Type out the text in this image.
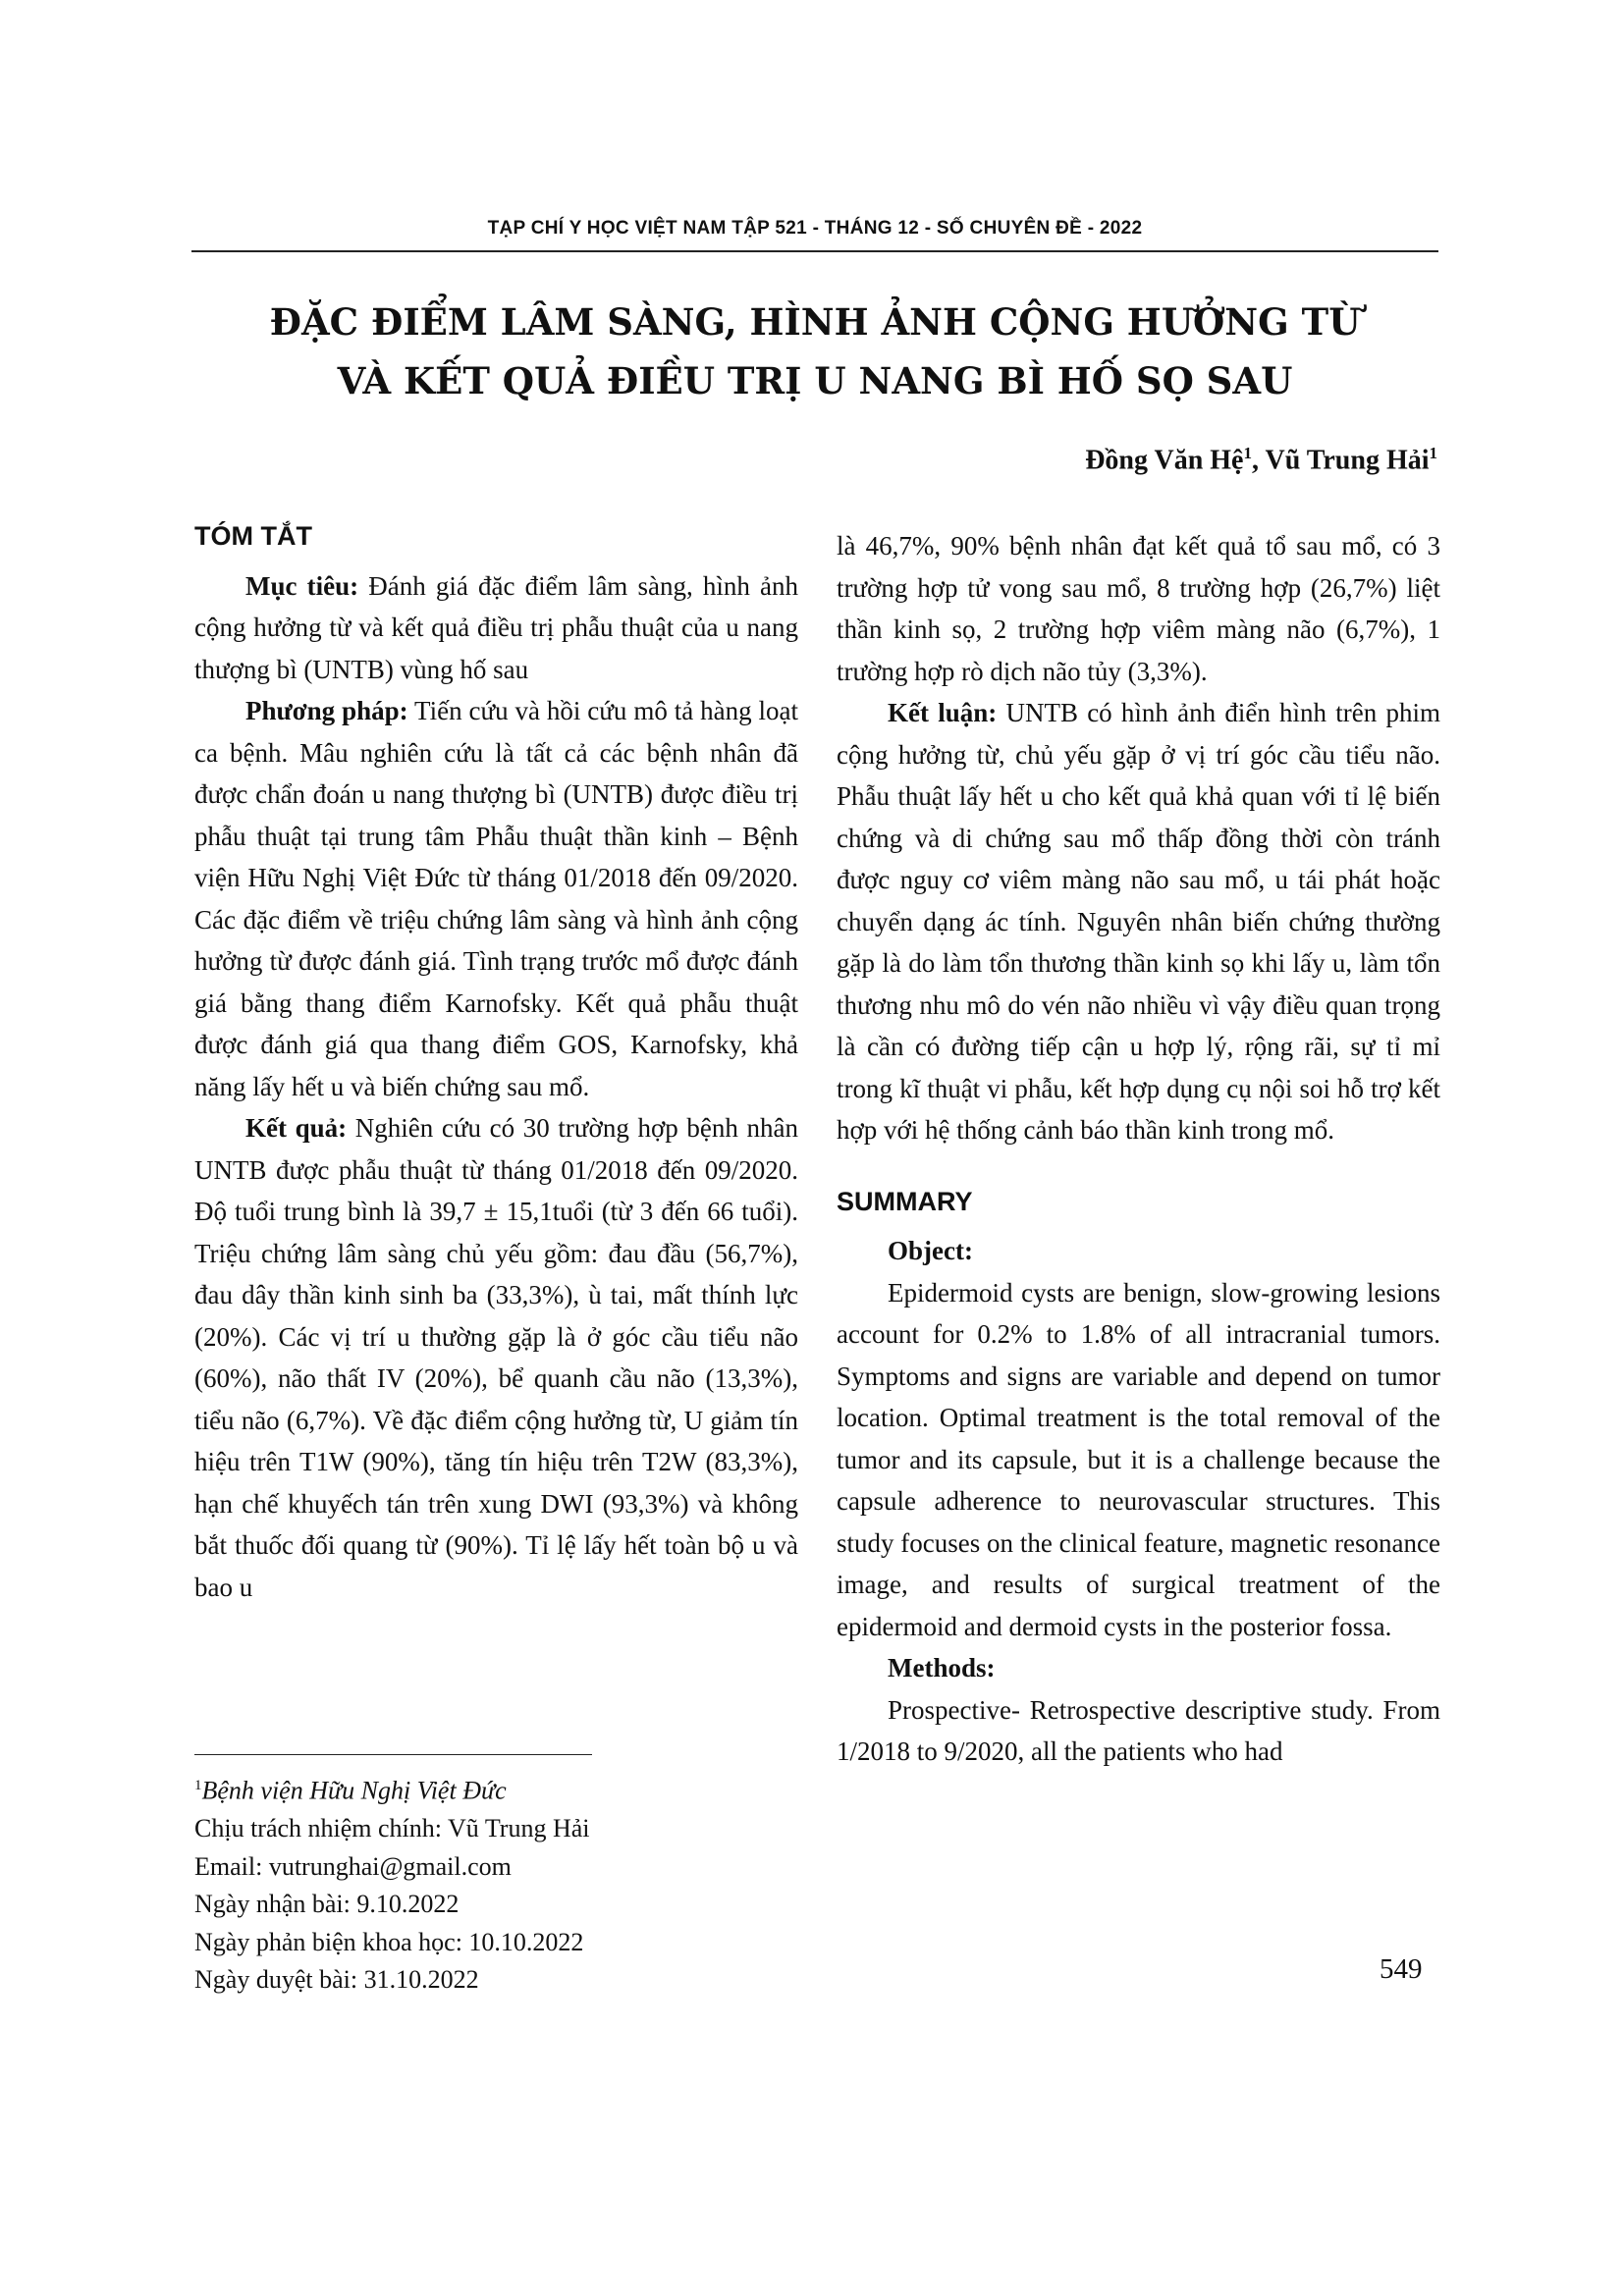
TẠP CHÍ Y HỌC VIỆT NAM TẬP 521 - THÁNG 12 - SỐ CHUYÊN ĐỀ - 2022
ĐẶC ĐIỂM LÂM SÀNG, HÌNH ẢNH CỘNG HƯỞNG TỪ
VÀ KẾT QUẢ ĐIỀU TRỊ U NANG BÌ HỐ SỌ SAU
Đồng Văn Hệ$^1$, Vũ Trung Hải$^1$
TÓM TẮT

Mục tiêu: Đánh giá đặc điểm lâm sàng, hình ảnh cộng hưởng từ và kết quả điều trị phẫu thuật của u nang thượng bì (UNTB) vùng hố sau

Phương pháp: Tiến cứu và hồi cứu mô tả hàng loạt ca bệnh. Mâu nghiên cứu là tất cả các bệnh nhân đã được chẩn đoán u nang thượng bì (UNTB) được điều trị phẫu thuật tại trung tâm Phẫu thuật thần kinh – Bệnh viện Hữu Nghị Việt Đức từ tháng 01/2018 đến 09/2020. Các đặc điểm về triệu chứng lâm sàng và hình ảnh cộng hưởng từ được đánh giá. Tình trạng trước mổ được đánh giá bằng thang điểm Karnofsky. Kết quả phẫu thuật được đánh giá qua thang điểm GOS, Karnofsky, khả năng lấy hết u và biến chứng sau mổ.

Kết quả: Nghiên cứu có 30 trường hợp bệnh nhân UNTB được phẫu thuật từ tháng 01/2018 đến 09/2020. Độ tuổi trung bình là 39,7 ± 15,1tuổi (từ 3 đến 66 tuổi). Triệu chứng lâm sàng chủ yếu gồm: đau đầu (56,7%), đau dây thần kinh sinh ba (33,3%), ù tai, mất thính lực (20%). Các vị trí u thường gặp là ở góc cầu tiểu não (60%), não thất IV (20%), bể quanh cầu não (13,3%), tiểu não (6,7%). Về đặc điểm cộng hưởng từ, U giảm tín hiệu trên T1W (90%), tăng tín hiệu trên T2W (83,3%), hạn chế khuyếch tán trên xung DWI (93,3%) và không bắt thuốc đối quang từ (90%). Tỉ lệ lấy hết toàn bộ u và bao u

là 46,7%, 90% bệnh nhân đạt kết quả tổ sau mổ, có 3 trường hợp tử vong sau mổ, 8 trường hợp (26,7%) liệt thần kinh sọ, 2 trường hợp viêm màng não (6,7%), 1 trường hợp rò dịch não tủy (3,3%).

Kết luận: UNTB có hình ảnh điển hình trên phim cộng hưởng từ, chủ yếu gặp ở vị trí góc cầu tiểu não. Phẫu thuật lấy hết u cho kết quả khả quan với tỉ lệ biến chứng và di chứng sau mổ thấp đồng thời còn tránh được nguy cơ viêm màng não sau mổ, u tái phát hoặc chuyển dạng ác tính. Nguyên nhân biến chứng thường gặp là do làm tổn thương thần kinh sọ khi lấy u, làm tổn thương nhu mô do vén não nhiều vì vậy điều quan trọng là cần có đường tiếp cận u hợp lý, rộng rãi, sự tỉ mỉ trong kĩ thuật vi phẫu, kết hợp dụng cụ nội soi hỗ trợ kết hợp với hệ thống cảnh báo thần kinh trong mổ.

SUMMARY
Object:

Epidermoid cysts are benign, slow-growing lesions account for 0.2% to 1.8% of all intracranial tumors. Symptoms and signs are variable and depend on tumor location. Optimal treatment is the total removal of the tumor and its capsule, but it is a challenge because the capsule adherence to neurovascular structures. This study focuses on the clinical feature, magnetic resonance image, and results of surgical treatment of the epidermoid and dermoid cysts in the posterior fossa.

Methods:

Prospective- Retrospective descriptive study. From 1/2018 to 9/2020, all the patients who had

$^1$Bệnh viện Hữu Nghị Việt Đức
Chịu trách nhiệm chính: Vũ Trung Hải
Email: vutrunghai@gmail.com
Ngày nhận bài: 9.10.2022
Ngày phản biện khoa học: 10.10.2022
Ngày duyệt bài: 31.10.2022	549
